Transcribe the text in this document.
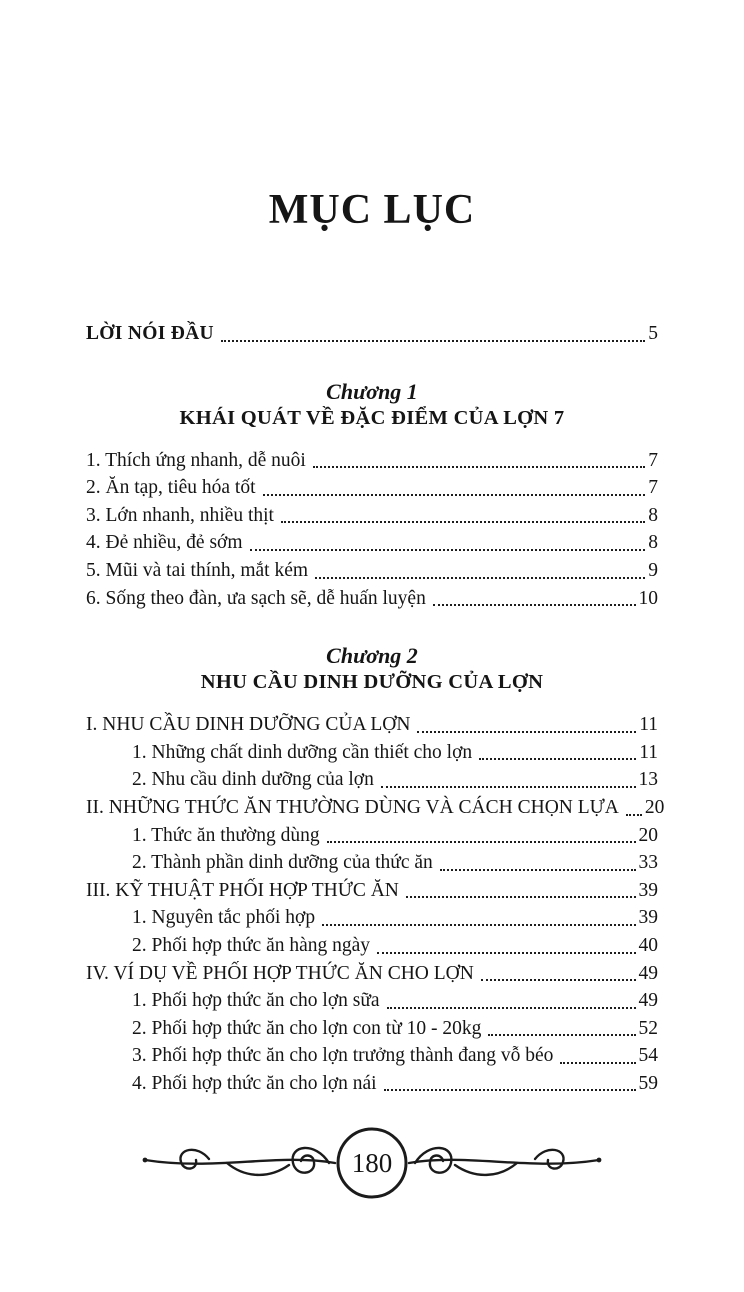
MỤC LỤC
LỜI NÓI ĐẦU	5
Chương 1
KHÁI QUÁT VỀ ĐẶC ĐIỂM CỦA LỢN 7
1. Thích ứng nhanh, dễ nuôi	7
2. Ăn tạp, tiêu hóa tốt	7
3. Lớn nhanh, nhiều thịt	8
4. Đẻ nhiều, đẻ sớm	8
5. Mũi và tai thính, mắt kém	9
6. Sống theo đàn, ưa sạch sẽ, dễ huấn luyện	10
Chương 2
NHU CẦU DINH DƯỠNG CỦA LỢN
I. NHU CẦU DINH DƯỠNG CỦA LỢN	11
1. Những chất dinh dưỡng cần thiết cho lợn	11
2. Nhu cầu dinh dưỡng của lợn	13
II. NHỮNG THỨC ĂN THƯỜNG DÙNG VÀ CÁCH CHỌN LỰA 20
1. Thức ăn thường dùng	20
2. Thành phần dinh dưỡng của thức ăn	33
III. KỸ THUẬT PHỐI HỢP THỨC ĂN	39
1. Nguyên tắc phối hợp	39
2. Phối hợp thức ăn hàng ngày	40
IV. VÍ DỤ VỀ PHỐI HỢP THỨC ĂN CHO LỢN	49
1. Phối hợp thức ăn cho lợn sữa	49
2. Phối hợp thức ăn cho lợn con từ 10 - 20kg	52
3. Phối hợp thức ăn cho lợn trưởng thành đang vỗ béo	54
4. Phối hợp thức ăn cho lợn nái	59
180
